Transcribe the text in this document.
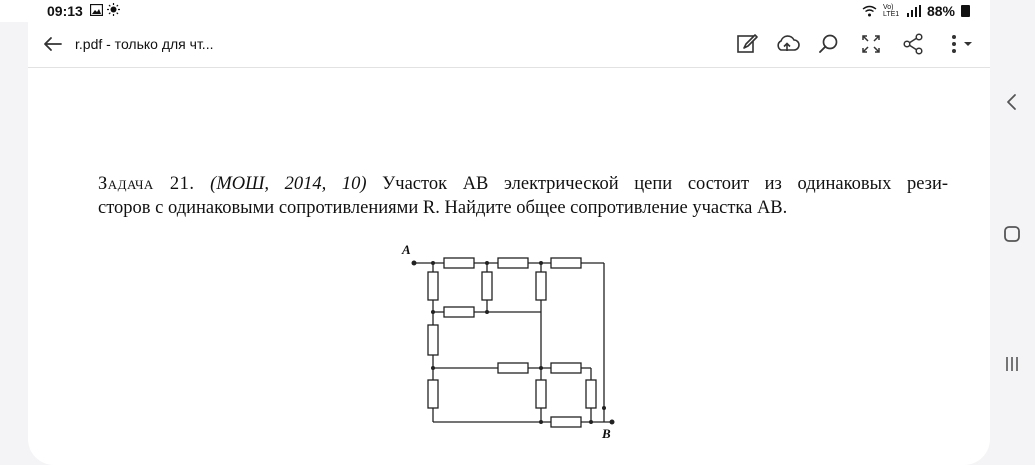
09:13
	Vo) LTE1 88%
r.pdf - только для чт...
Задача 21. (МОШ, 2014, 10) Участок AB электрической цепи состоит из одинаковых рези-
сторов с одинаковыми сопротивлениями R. Найдите общее сопротивление участка AB.
A
B
